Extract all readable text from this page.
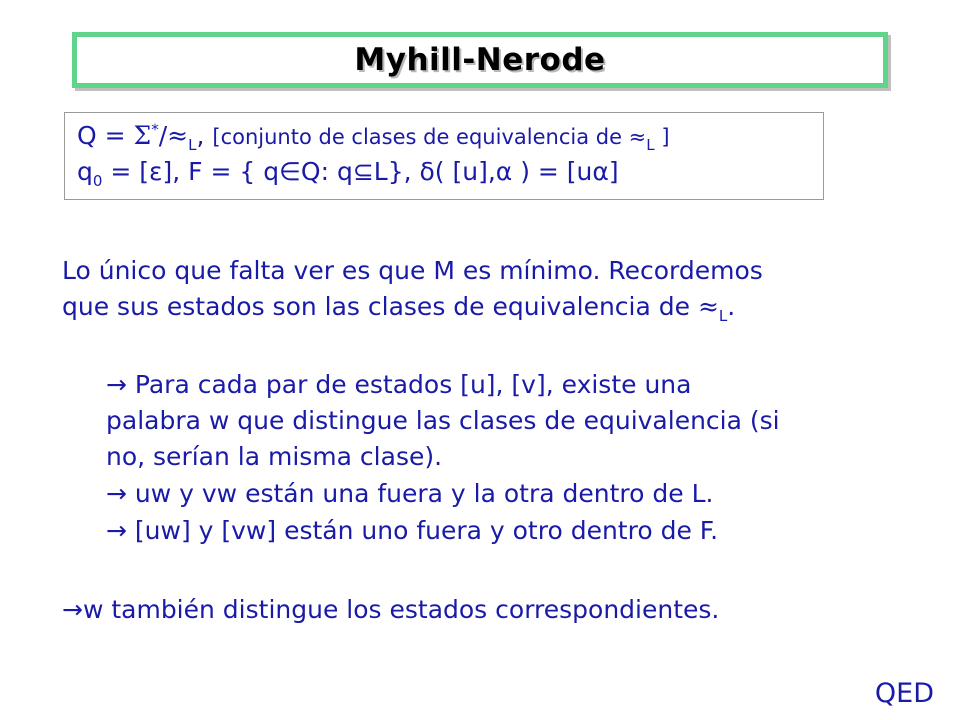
Myhill-Nerode
$Q = \Sigma^*/\approx_L$, [conjunto de clases de equivalencia de $\approx_L$ ]
$q_0 = [\varepsilon]$, F = { q∈Q: q⊆L}, δ( [u],α ) = [uα]
Lo único que falta ver es que M es mínimo. Recordemos
que sus estados son las clases de equivalencia de $\approx_L$.
→ Para cada par de estados [u], [v], existe una
palabra w que distingue las clases de equivalencia (si
no, serían la misma clase).
→ uw y vw están una fuera y la otra dentro de L.
→ [uw] y [vw] están uno fuera y otro dentro de F.
→w también distingue los estados correspondientes.
QED
